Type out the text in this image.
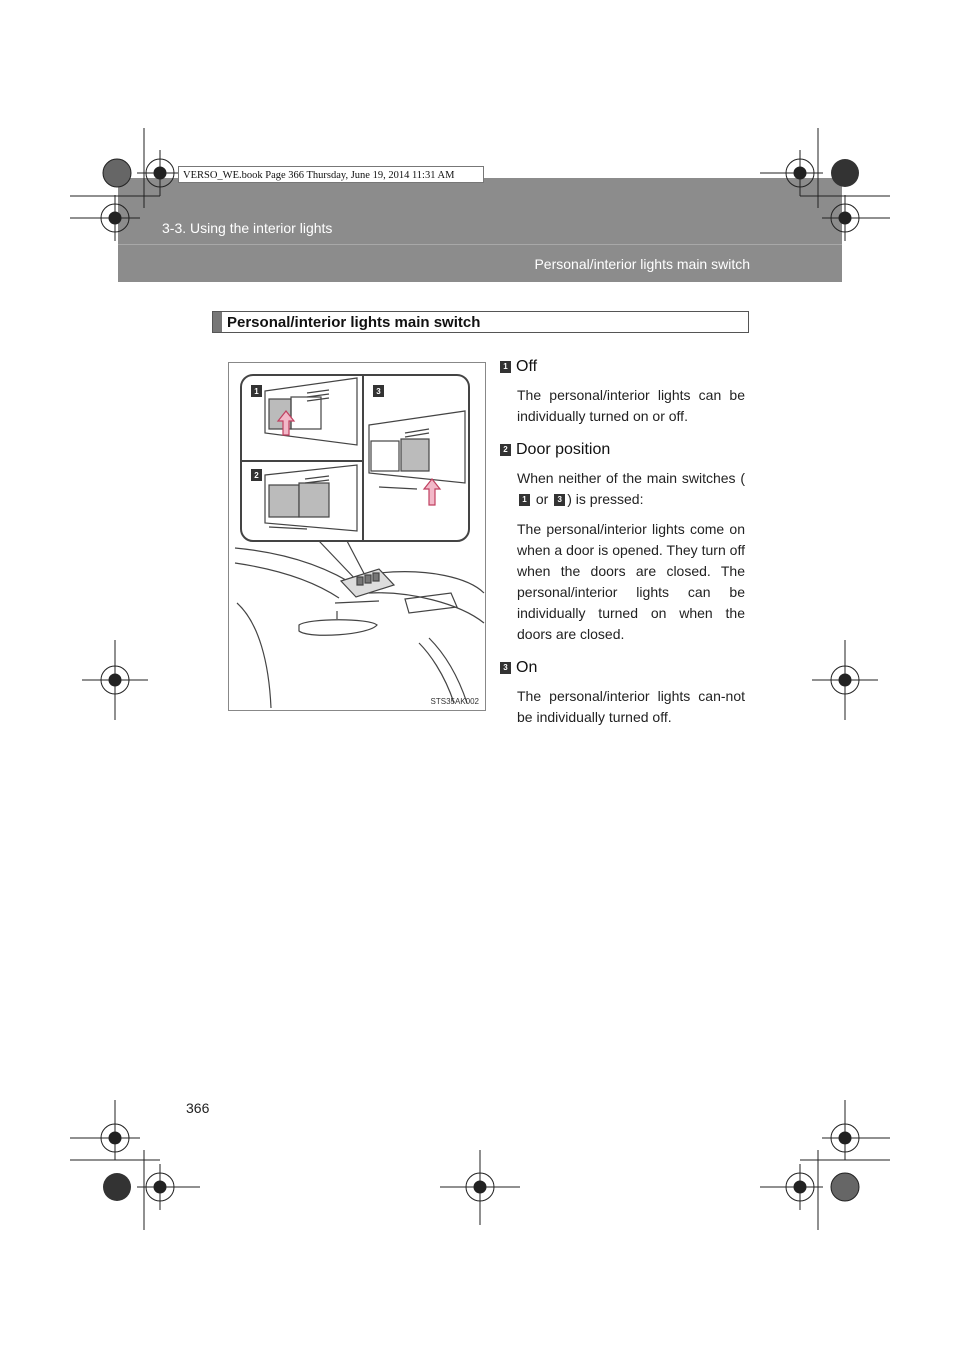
3-3. Using the interior lights
Personal/interior lights main switch
VERSO_WE.book Page 366 Thursday, June 19, 2014 11:31 AM
Personal/interior lights main switch
1	3
2
STS35AK002
1 Off
The personal/interior lights can be individually turned on or off.
2 Door position
When neither of the main switches (1 or 3 ) is pressed:
The personal/interior lights come on when a door is opened. They turn off when the doors are closed. The personal/interior lights can be individually turned on when the doors are closed.
3 On
The personal/interior lights can-not be individually turned off.
366
